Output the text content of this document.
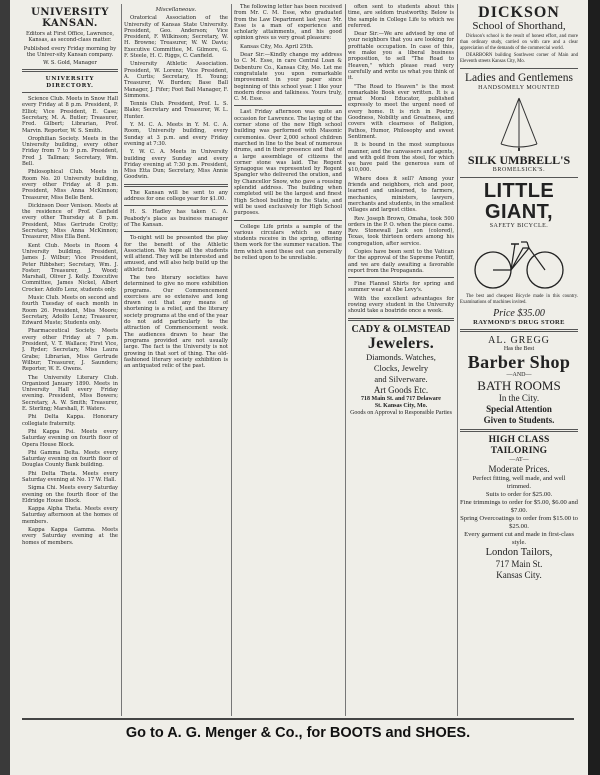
UNIVERSITY KANSAN.

Editors at First Office, Lawrence, Kansas, as second-class matter.

Published every Friday morning by the Univer-sity Kansan company.

W. S. Gold, Manager

UNIVERSITY DIRECTORY.

Science Club. Meets in Snow Hall every Friday at 8 p.m. President, P. Elliot; Vice President, E. Case; Secretary, M. A. Butler; Treasurer, Fred. Gilbert; Librarian, Prof. Marvin. Reporter, W. S. Smith.

Orophilian Society. Meets in the University building, every other Friday from 7 to 9 p.m. President, Fred J. Tallman; Secretary, Wm. Bell.

Philosophical Club. Meets in Room No. 20 University building, every other Friday at 8 p.m. President, Miss Anna McKinnon; Treasurer, Miss Belle Bent.

Dickinson Deer Venison. Meets at the residence of Prof. Canfield every other Thursday at 8 p.m. President, Miss Gertrude Crotty; Secretary, Miss Anna McKinnon; Treasurer, Miss Ella Bent.

Kent Club. Meets in Room 4 University building. President, James J. Wilbur; Vice President, Peter Ribbsher; Secretary, Wm. J. Foster; Treasurer, J. Wood; Marshall, Oliver J. Kelly. Executive Committee, James Nickel, Albert Crocker. Adolfo Lenz, students only.

Music Club. Meets on second and fourth Tuesday of each month in Room 26. President, Miss Moore; Secretary, Adolfo Lenz; Treasurer, Edward Muste; Students only.

Pharmaceutical Society. Meets every other Friday at 7 p.m. President, V. T. Wallace; First Vice, J. Ryder; Secretary, Miss Laura Grabe; Librarian, Miss Gertrude Wilbur; Treasurer, J. Saunders; Reporter, W. E. Owens.

The University Literary Club. Organized January 1890. Meets in University Hall every Friday evening. President, Miss Bowers; Secretary, A. W. Smith; Treasurer, E. Sterling; Marshall, F. Waters.

Phi Delta Kappa. Honorary collegiate fraternity.

Phi Kappa Psi. Meets every Saturday evening on fourth floor of Opera House Block.

Phi Gamma Delta. Meets every Saturday evening on fourth floor of Douglas County Bank building.

Phi Delta Theta. Meets every Saturday evening at No. 17 W. Hall.

Sigma Chi. Meets every Saturday evening on the fourth floor of the Eldridge House Block.

Kappa Alpha Theta. Meets every Saturday afternoon at the homes of members.

Kappa Kappa Gamma. Meets every Saturday evening at the homes of members.

Miscellaneous.

Oratorical Association of the University of Kansas State University. President, Geo. Anderson; Vice President, F. Wilkinson; Secretary, W. H. Browne; Treasurer, W. W. Davis; Executive Committee, M. Gilmore, G. F. Steele, H. C. Riggs, C. Canfield.

University Athletic Association. President, W. Lorenz; Vice President, A. Curtis; Secretary, H. Young; Treasurer, W. Burden; Base Ball Manager, J. Fifer; Foot Ball Manager, F. Simmons.

Tennis Club. President, Prof. L. S. Blake; Secretary and Treasurer, W. L. Hunter.

Y. M. C. A. Meets in Y. M. C. A. Room, University building, every Sunday at 3 p.m. and every Friday evening at 7:30.

Y. W. C. A. Meets in University building every Sunday and every Friday evening at 7:30 p.m. President, Miss Etta Dun; Secretary, Miss Annie Goodwin.

The Kansan will be sent to any address for one college year for $1.00.

H. S. Hadley has taken C. A. Peabody's place as business manager of The Kansan.

To-night will be presented the play for the benefit of the Athletic Association. We hope all the students will attend. They will be interested and amused, and will also help build up the athletic fund.

The two literary societies have determined to give no more exhibition programs. Our Commencement exercises are so extensive and long drawn out that any means of shortening is a relief, and the literary society programs at the end of the year do not add particularly to the attraction of Commencement week. The audiences drawn to hear the programs provided are not usually large. The fact is the University is not growing in that sort of thing. The old-fashioned literary society exhibition is an antiquated relic of the past.

The following letter has been received from Mr. C. M. Esse, who graduated from the Law Department last year. Mr. Esse is a man of experience and scholarly attainments, and his good opinion gives us very great pleasure:

Kansas City, Mo. April 25th.

Dear Sir:—Kindly change my address to C. M. Esse, in care Central Loan & Debenture Co., Kansas City, Mo. Let me congratulate you upon remarkable improvement in your paper since beginning of this school year. I like your modern dress and talkiness. Yours truly, C. M. Esse.

Last Friday afternoon was quite an occasion for Lawrence. The laying of the corner stone of the new High school building was performed with Masonic ceremonies. Over 2,000 school children marched in line to the beat of numerous drums, and in their presence and that of a large assemblage of citizens the corner stone was laid. The Regent Synagogue was represented by Regent Spangler who delivered the oration, and by Chancellor Snow, who gave a rousing splendid address. The building when completed will be the largest and finest High School building in the State, and will be used exclusively for High School purposes.

College Life prints a sample of the various circulars which so many students receive in the spring, offering them work for the summer vacation. The firm which send these out can generally be relied upon to be unreliable.

often sent to students about this time, are seldom trustworthy. Below is the sample in College Life to which we referred.

Dear Sir:—We are advised by one of your neighbors that you are looking for profitable occupation. In case of this, we make you a liberal business proposition, to sell "The Road to Heaven," which please read very carefully and write us what you think of it.

"The Road to Heaven" is the most remarkable Book ever written. It is a great Moral Educator, published expressly to meet the urgent need of every home. It is rich in Poetry, Goodness, Nobility and Greatness, and covers with clearness of Religion, Pathos, Humor, Philosophy and sweet Sentiment.

It is bound in the most sumptuous manner, and the canvassers and agents, and with gold from the steel, for which we have paid the generous sum of $10,000.

Where does it sell? Among your friends and neighbors, rich and poor, learned and unlearned, to farmers, mechanics, ministers, lawyers, merchants and students, in the smallest villages and largest cities.

Rev. Joseph Brown, Omaha, took 500 orders in the P. O. when the piece came. Rev. Stonewall Jack son (colored), Texas, took thirteen orders among his congregation, after service.

Copies have been sent to the Vatican for the approval of the Supreme Pontiff, and we are daily awaiting a favorable report from the Propaganda.

Fine Flannel Shirts for spring and summer wear at Abe Levy's.

With the excellent advantages for rowing every student in the University should take a boatride once a week.

CADY & OLMSTEAD
Jewelers.
Diamonds. Watches,
Clocks, Jewelry
and Silverware.
Art Goods Etc.
718 Main St. and 717 Delaware
St. Kansas City, Mo.
Goods on Approval to Responsible Parties
DICKSON
School of Shorthand,

Dickson's school is the result of honest effort, and more than ordinary study, carried on with care and a clear appreciation of the demands of the commercial world.

DEARBORN building Southwest corner of Main and Eleventh streets Kansas City, Mo.

Ladies and Gentlemens
HANDSOMELY MOUNTED
SILK UMBRELL'S
BROMELSICK'S.
LITTLE GIANT,
SAFETY BICYCLE.

The best and cheapest Bicycle made in this country. Examinations of machines invited.

Price $35.00
RAYMOND'S DRUG STORE
AL. GREGG
Has the Best
Barber Shop
—AND—
BATH ROOMS
In the City.
Special Attention
Given to Students.
HIGH CLASS TAILORING
—AT—
Moderate Prices.
Perfect fitting, well made, and well trimmed.
Suits to order for $25.00.
Fine trimmings to order for $5.00, $6.00 and $7.00.
Spring Overcoatings to order from $15.00 to $25.00.
Every garment cut and made in first-class style.
London Tailors,
717 Main St.
Kansas City.
Go to A. G. Menger & Co., for BOOTS and SHOES.
